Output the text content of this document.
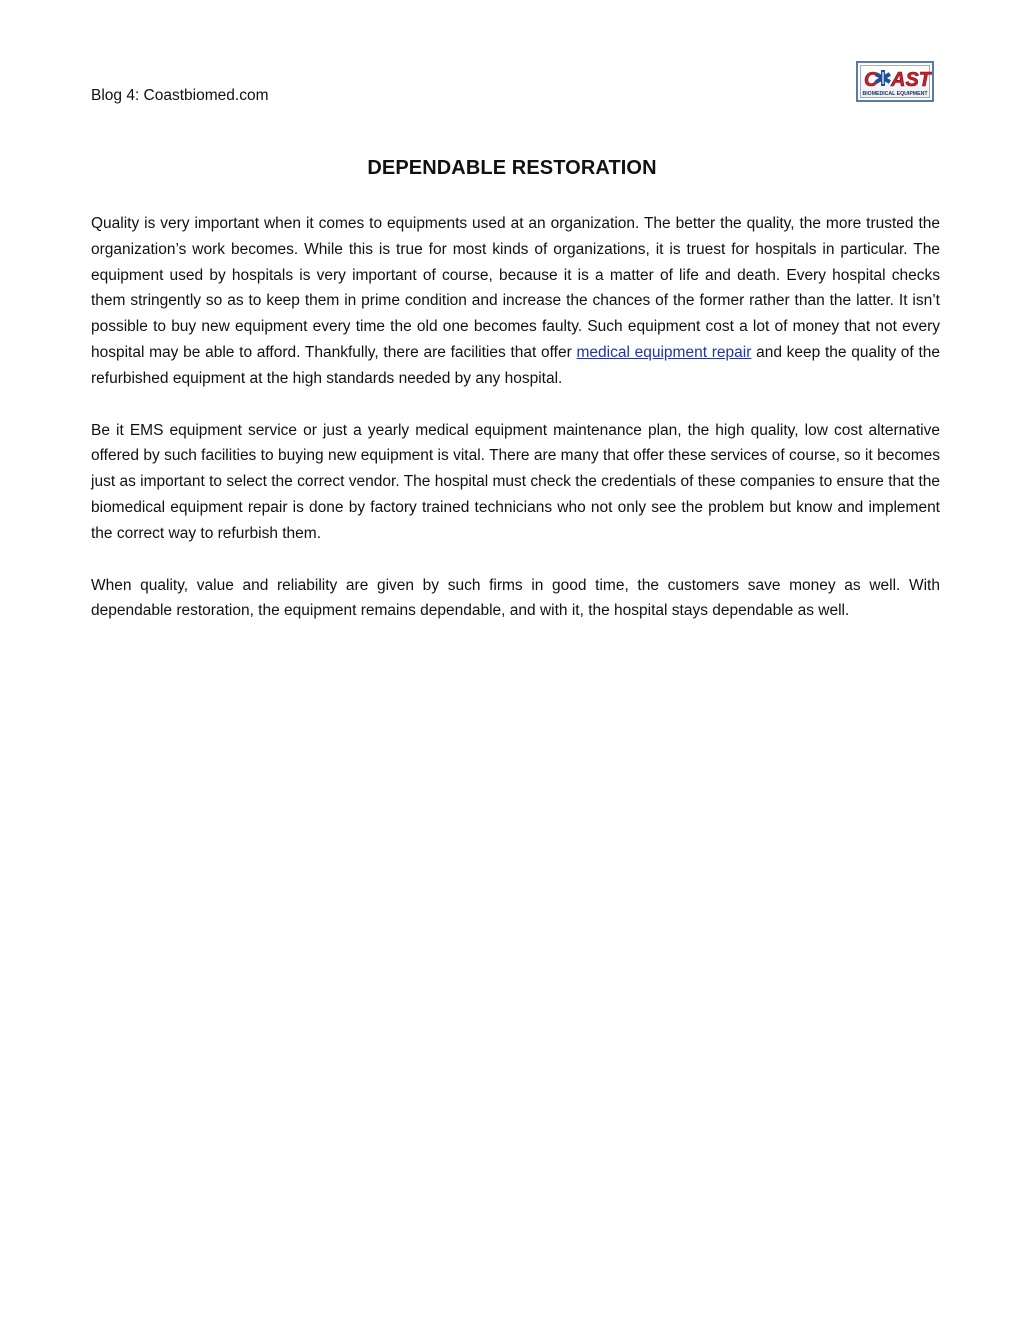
Blog 4: Coastbiomed.com
C AST
BIOMEDICAL EQUIPMENT
DEPENDABLE RESTORATION

Quality is very important when it comes to equipments used at an organization. The better the quality, the more trusted the organization’s work becomes. While this is true for most kinds of organizations, it is truest for hospitals in particular. The equipment used by hospitals is very important of course, because it is a matter of life and death. Every hospital checks them stringently so as to keep them in prime condition and increase the chances of the former rather than the latter. It isn’t possible to buy new equipment every time the old one becomes faulty. Such equipment cost a lot of money that not every hospital may be able to afford. Thankfully, there are facilities that offer medical equipment repair and keep the quality of the refurbished equipment at the high standards needed by any hospital.

Be it EMS equipment service or just a yearly medical equipment maintenance plan, the high quality, low cost alternative offered by such facilities to buying new equipment is vital. There are many that offer these services of course, so it becomes just as important to select the correct vendor. The hospital must check the credentials of these companies to ensure that the biomedical equipment repair is done by factory trained technicians who not only see the problem but know and implement the correct way to refurbish them.

When quality, value and reliability are given by such firms in good time, the customers save money as well. With dependable restoration, the equipment remains dependable, and with it, the hospital stays dependable as well.
